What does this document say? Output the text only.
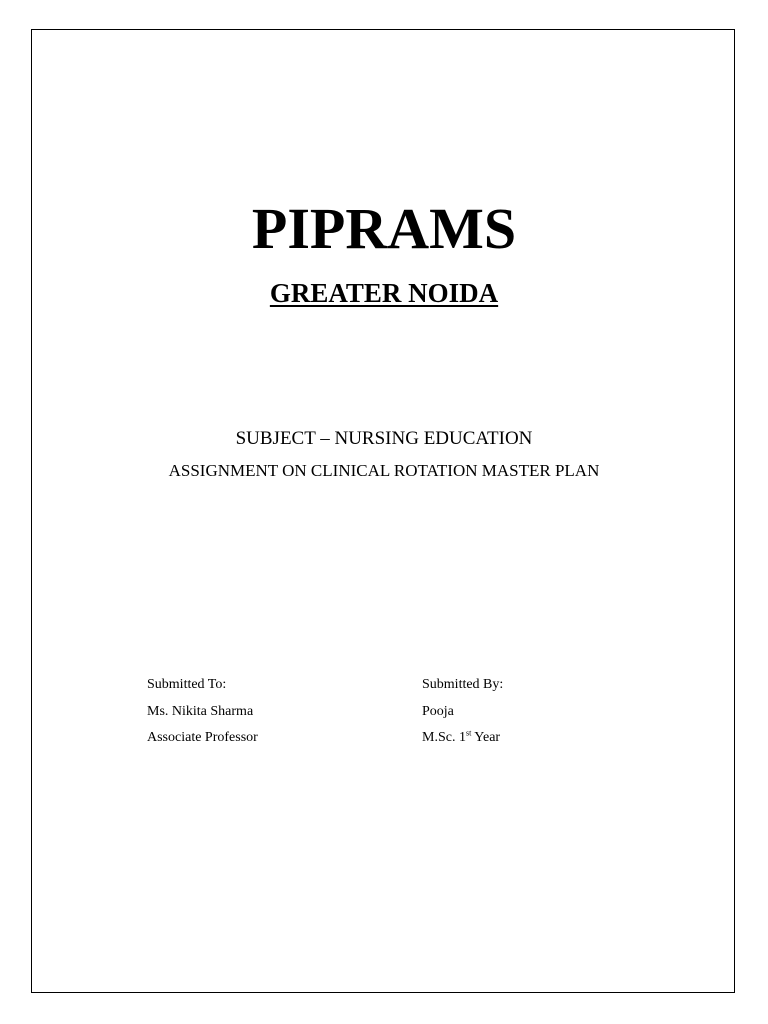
PIPRAMS
GREATER NOIDA

SUBJECT – NURSING EDUCATION

ASSIGNMENT ON CLINICAL ROTATION MASTER PLAN

Submitted To:
Ms. Nikita Sharma
Associate Professor
Submitted By:
Pooja
M.Sc. 1st Year
